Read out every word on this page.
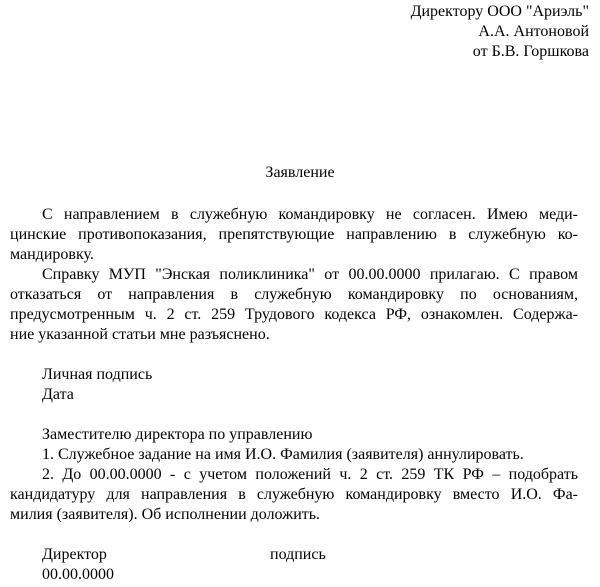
Директору ООО "Ариэль"
А.А. Антоновой
от Б.В. Горшкова
Заявление
С направлением в служебную командировку не согласен. Имею меди-
цинские противопоказания, препятствующие направлению в служебную ко-
мандировку.
Справку МУП "Энская поликлиника" от 00.00.0000 прилагаю. С правом
отказаться от направления в служебную командировку по основаниям,
предусмотренным ч. 2 ст. 259 Трудового кодекса РФ, ознакомлен. Содержа-
ние указанной статьи мне разъяснено.
Личная подпись
Дата
Заместителю директора по управлению
1. Служебное задание на имя И.О. Фамилия (заявителя) аннулировать.
2. До 00.00.0000 - с учетом положений ч. 2 ст. 259 ТК РФ – подобрать
кандидатуру для направления в служебную командировку вместо И.О. Фа-
милия (заявителя). Об исполнении доложить.
Директор	подпись
00.00.0000
